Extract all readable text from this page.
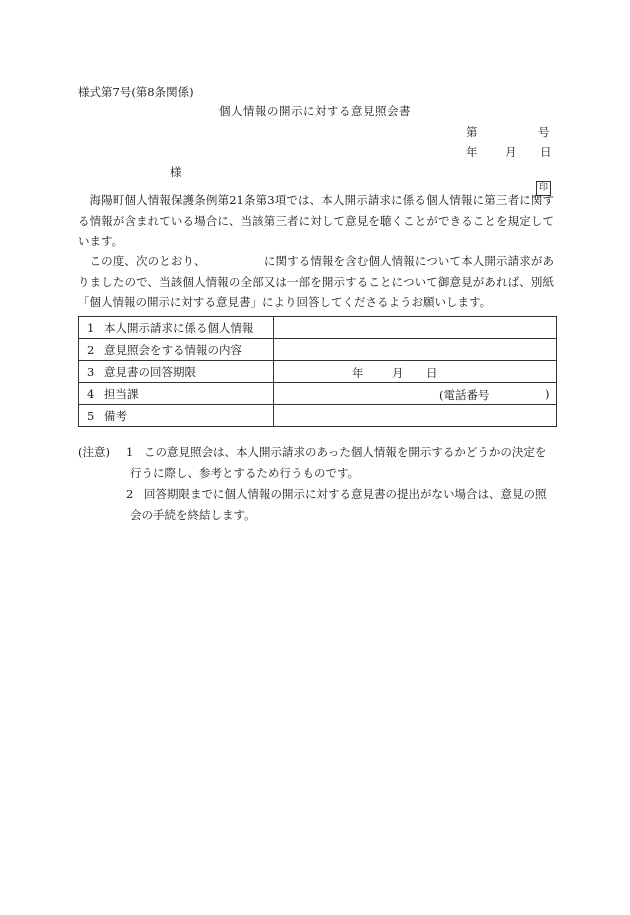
様式第7号(第8条関係)
個人情報の開示に対する意見照会書
第	号
年 月 日
様
印
海陽町個人情報保護条例第21条第3項では、本人開示請求に係る個人情報に第三者に関する情報が含まれている場合に、当該第三者に対して意見を聴くことができることを規定しています。
この度、次のとおり、	に関する情報を含む個人情報について本人開示請求がありましたので、当該個人情報の全部又は一部を開示することについて御意見があれば、別紙「個人情報の開示に対する意見書」により回答してくださるようお願いします。
1 本人開示請求に係る個人情報	
2 意見照会をする情報の内容	
3 意見書の回答期限	年 月 日

4 担当課	(電話番号 )

5 備考	
(注意) 1 この意見照会は、本人開示請求のあった個人情報を開示するかどうかの決定を
行うに際し、参考とするため行うものです。
2 回答期限までに個人情報の開示に対する意見書の提出がない場合は、意見の照
会の手続を終結します。
